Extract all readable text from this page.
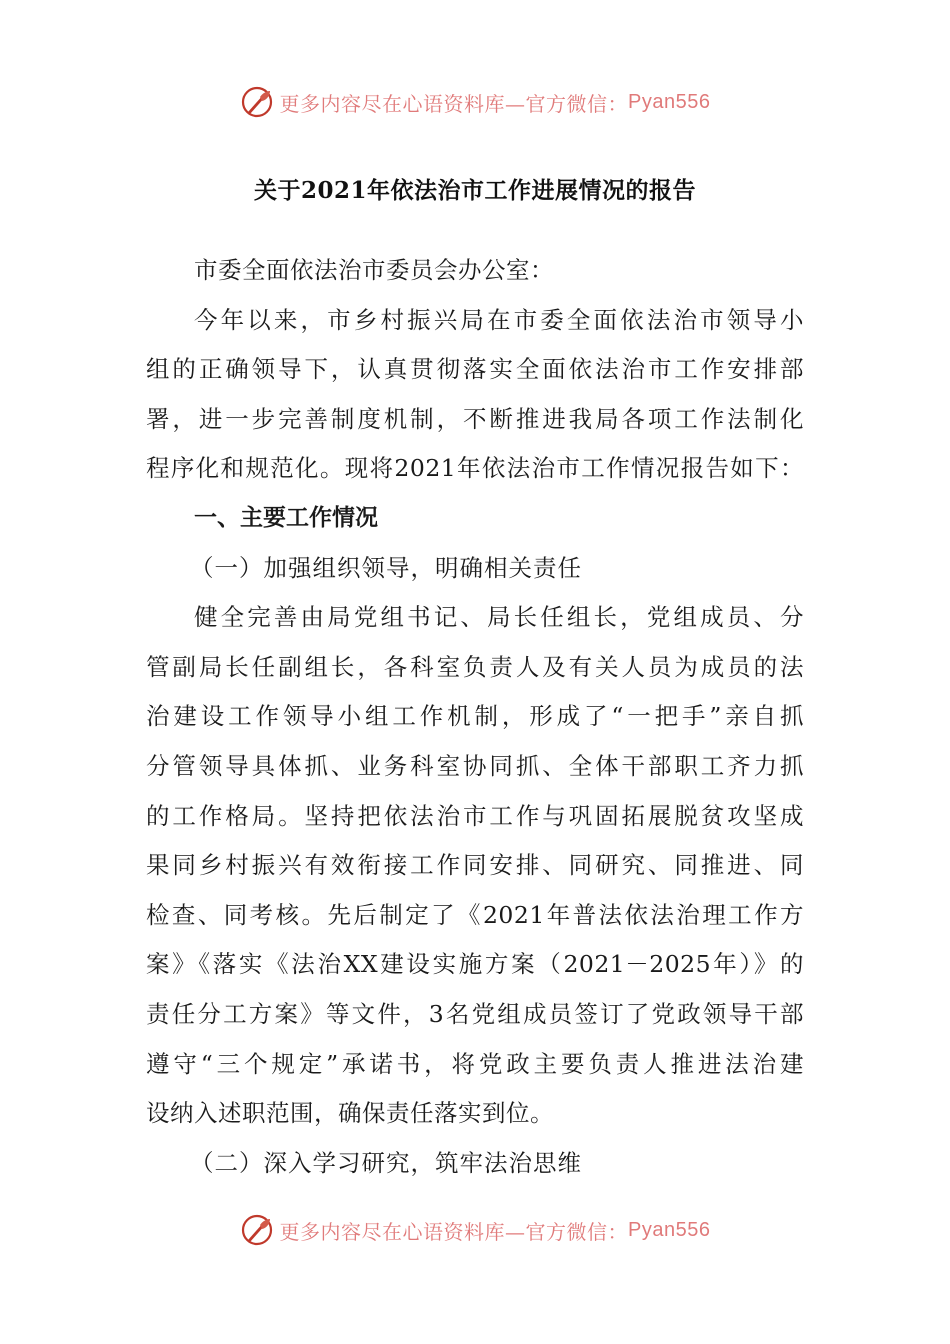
更多内容尽在心语资料库—官方微信： Pyan556
关于2021年依法治市工作进展情况的报告
市委全面依法治市委员会办公室：
今年以来，市乡村振兴局在市委全面依法治市领导小
组的正确领导下，认真贯彻落实全面依法治市工作安排部
署，进一步完善制度机制，不断推进我局各项工作法制化
程序化和规范化。现将2021年依法治市工作情况报告如下：
一、主要工作情况
（一）加强组织领导，明确相关责任
健全完善由局党组书记、局长任组长，党组成员、分
管副局长任副组长，各科室负责人及有关人员为成员的法
治建设工作领导小组工作机制，形成了“一把手”亲自抓
分管领导具体抓、业务科室协同抓、全体干部职工齐力抓
的工作格局。坚持把依法治市工作与巩固拓展脱贫攻坚成
果同乡村振兴有效衔接工作同安排、同研究、同推进、同
检查、同考核。先后制定了《2021年普法依法治理工作方
案》《落实《法治XX建设实施方案（2021－2025年）》的
责任分工方案》等文件，3名党组成员签订了党政领导干部
遵守“三个规定”承诺书，将党政主要负责人推进法治建
设纳入述职范围，确保责任落实到位。
（二）深入学习研究，筑牢法治思维
更多内容尽在心语资料库—官方微信： Pyan556
